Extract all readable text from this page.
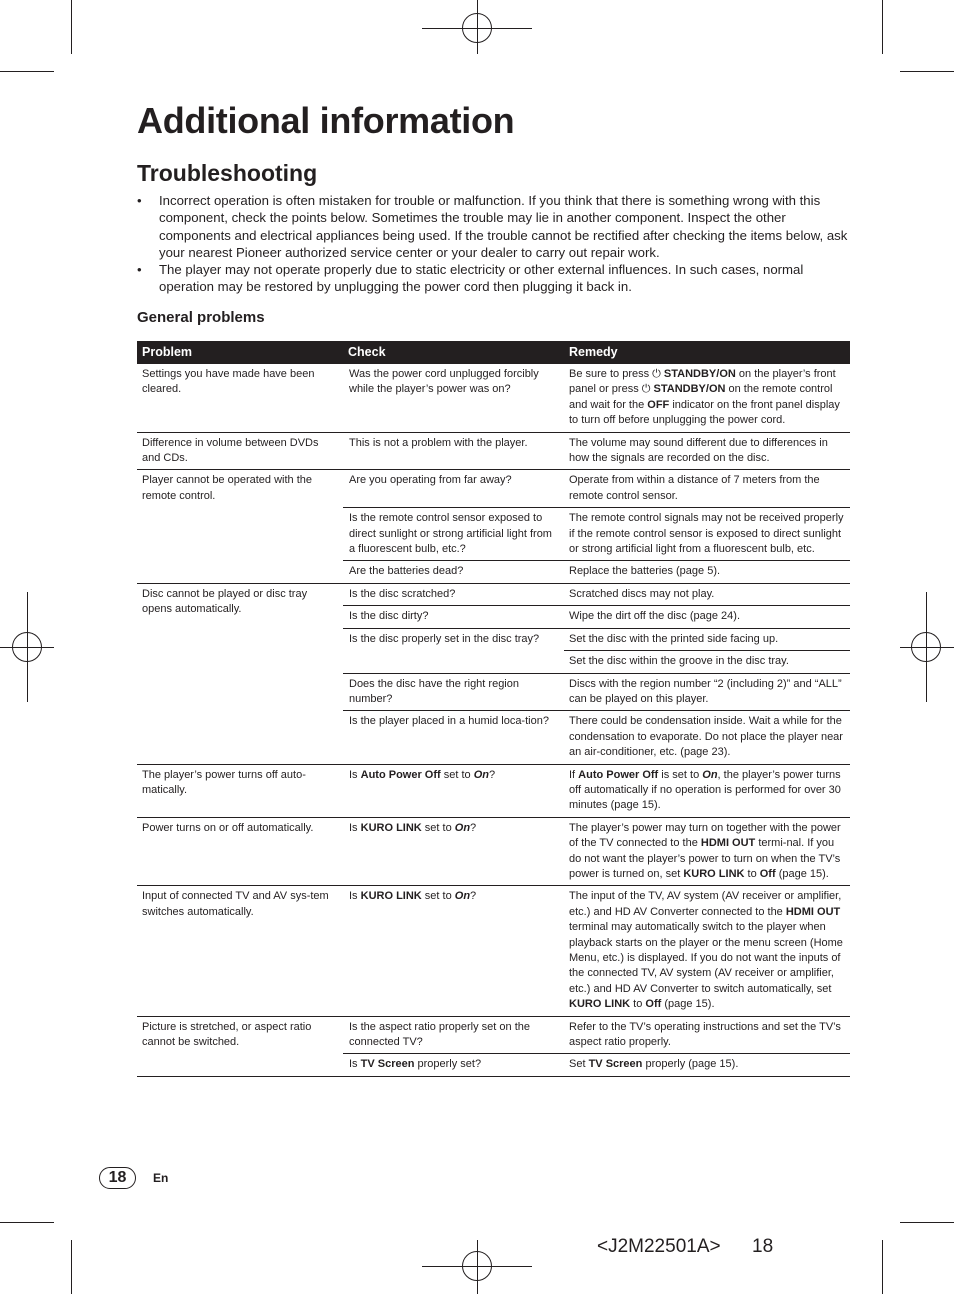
Additional information
Troubleshooting
• Incorrect operation is often mistaken for trouble or malfunction. If you think that there is something wrong with this component, check the points below. Sometimes the trouble may lie in another component. Inspect the other components and electrical appliances being used. If the trouble cannot be rectified after checking the items below, ask your nearest Pioneer authorized service center or your dealer to carry out repair work.
• The player may not operate properly due to static electricity or other external influences. In such cases, normal operation may be restored by unplugging the power cord then plugging it back in.
General problems
Problem	Check	Remedy
Settings you have made have been cleared.	Was the power cord unplugged forcibly while the player’s power was on?	Be sure to press ⏻ STANDBY/ON on the player’s front panel or press ⏻ STANDBY/ON on the remote control and wait for the OFF indicator on the front panel display to turn off before unplugging the power cord.
Difference in volume between DVDs and CDs.	This is not a problem with the player.	The volume may sound different due to differences in how the signals are recorded on the disc.
Player cannot be operated with the remote control.	Are you operating from far away?	Operate from within a distance of 7 meters from the remote control sensor.
	Is the remote control sensor exposed to direct sunlight or strong artificial light from a fluorescent bulb, etc.?	The remote control signals may not be received properly if the remote control sensor is exposed to direct sunlight or strong artificial light from a fluorescent bulb, etc.
	Are the batteries dead?	Replace the batteries (page 5).
Disc cannot be played or disc tray opens automatically.	Is the disc scratched?	Scratched discs may not play.
	Is the disc dirty?	Wipe the dirt off the disc (page 24).
	Is the disc properly set in the disc tray?	Set the disc with the printed side facing up.
		Set the disc within the groove in the disc tray.
	Does the disc have the right region number?	Discs with the region number “2 (including 2)” and “ALL” can be played on this player.
	Is the player placed in a humid loca-tion?	There could be condensation inside. Wait a while for the condensation to evaporate. Do not place the player near an air-conditioner, etc. (page 23).
The player’s power turns off auto-matically.	Is Auto Power Off set to On?	If Auto Power Off is set to On, the player’s power turns off automatically if no operation is performed for over 30 minutes (page 15).
Power turns on or off automatically.	Is KURO LINK set to On?	The player’s power may turn on together with the power of the TV connected to the HDMI OUT termi-nal. If you do not want the player’s power to turn on when the TV’s power is turned on, set KURO LINK to Off (page 15).
Input of connected TV and AV sys-tem switches automatically.	Is KURO LINK set to On?	The input of the TV, AV system (AV receiver or amplifier, etc.) and HD AV Converter connected to the HDMI OUT terminal may automatically switch to the player when playback starts on the player or the menu screen (Home Menu, etc.) is displayed. If you do not want the inputs of the connected TV, AV system (AV receiver or amplifier, etc.) and HD AV Converter to switch automatically, set KURO LINK to Off (page 15).
Picture is stretched, or aspect ratio cannot be switched.	Is the aspect ratio properly set on the connected TV?	Refer to the TV’s operating instructions and set the TV’s aspect ratio properly.
	Is TV Screen properly set?	Set TV Screen properly (page 15).
18	En
<J2M22501A> 18
